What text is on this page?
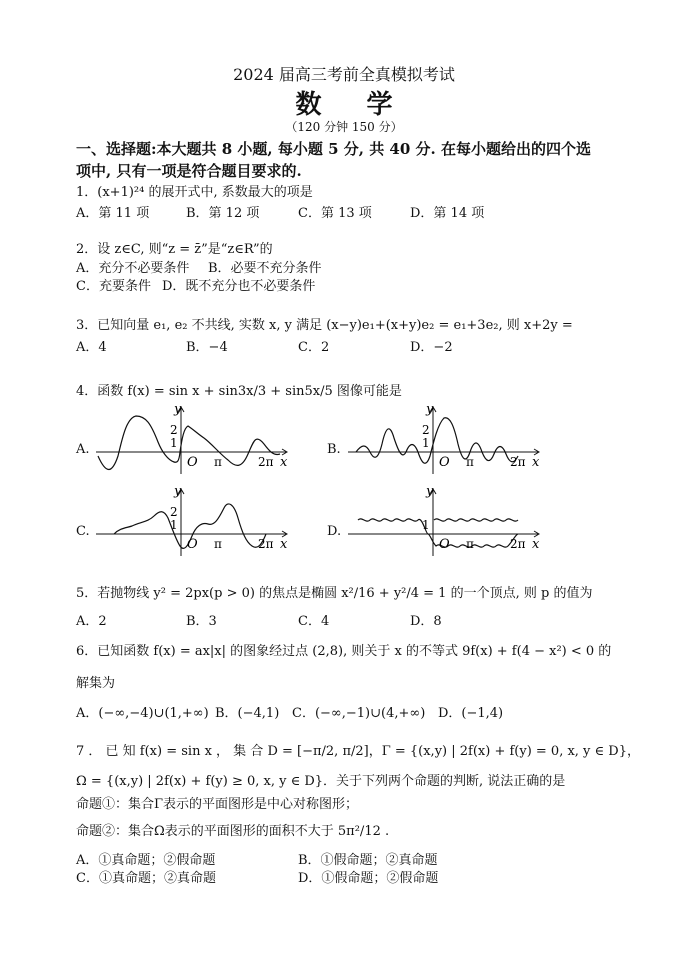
2024 届高三考前全真模拟考试
数 学
（120 分钟 150 分）
一、选择题:本大题共 8 小题, 每小题 5 分, 共 40 分. 在每小题给出的四个选
项中, 只有一项是符合题目要求的.
1．(x+1)²⁴ 的展开式中, 系数最大的项是
A．第 11 项	B．第 12 项	C．第 13 项	D．第 14 项
2．设 z∈C, 则“z = z̄”是“z∈R”的
A．充分不必要条件 B．必要不充分条件
C．充要条件 D．既不充分也不必要条件
3．已知向量 e₁, e₂ 不共线, 实数 x, y 满足 (x−y)e₁+(x+y)e₂ = e₁+3e₂, 则 x+2y =
A．4	B．−4	C．2	D．−2
4．函数 f(x) = sin x + sin3x/3 + sin5x/5 图像可能是
A.	B.
C.	D.
y
2
1
O π	2π x
y
2
1
O π	2π x
y
2
1
O π	2π x
y
1
O π	2π x
5．若抛物线 y² = 2px(p > 0) 的焦点是椭圆 x²/16 + y²/4 = 1 的一个顶点, 则 p 的值为
A．2	B．3	C．4	D．8
6．已知函数 f(x) = ax|x| 的图象经过点 (2,8), 则关于 x 的不等式 9f(x) + f(4 − x²) < 0 的
解集为
A．(−∞,−4)∪(1,+∞) B．(−4,1) C．(−∞,−1)∪(4,+∞) D．(−1,4)
7 ． 已 知 f(x) = sin x ， 集 合 D = [−π/2, π/2]，Γ = {(x,y) | 2f(x) + f(y) = 0, x, y ∈ D}，
Ω = {(x,y) | 2f(x) + f(y) ≥ 0, x, y ∈ D}．关于下列两个命题的判断, 说法正确的是
命题①：集合Γ表示的平面图形是中心对称图形；
命题②：集合Ω表示的平面图形的面积不大于 5π²/12 .
A．①真命题；②假命题	B．①假命题；②真命题
C．①真命题；②真命题	D．①假命题；②假命题
